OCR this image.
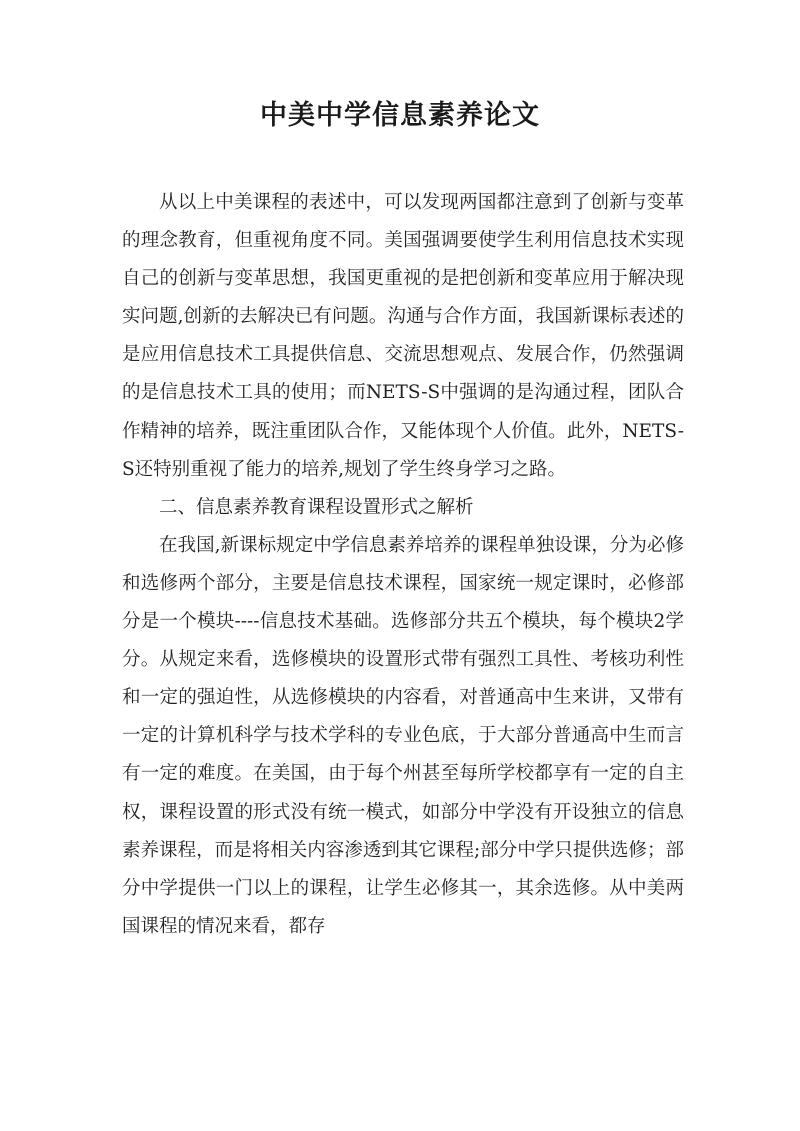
中美中学信息素养论文

从以上中美课程的表述中，可以发现两国都注意到了创新与变革的理念教育，但重视角度不同。美国强调要使学生利用信息技术实现自己的创新与变革思想，我国更重视的是把创新和变革应用于解决现实问题,创新的去解决已有问题。沟通与合作方面，我国新课标表述的是应用信息技术工具提供信息、交流思想观点、发展合作，仍然强调的是信息技术工具的使用；而NETS-S中强调的是沟通过程，团队合作精神的培养，既注重团队合作，又能体现个人价值。此外，NETS-S还特别重视了能力的培养,规划了学生终身学习之路。

二、信息素养教育课程设置形式之解析

在我国,新课标规定中学信息素养培养的课程单独设课，分为必修和选修两个部分，主要是信息技术课程，国家统一规定课时，必修部分是一个模块----信息技术基础。选修部分共五个模块，每个模块2学分。从规定来看，选修模块的设置形式带有强烈工具性、考核功利性和一定的强迫性，从选修模块的内容看，对普通高中生来讲，又带有一定的计算机科学与技术学科的专业色底，于大部分普通高中生而言有一定的难度。在美国，由于每个州甚至每所学校都享有一定的自主权，课程设置的形式没有统一模式，如部分中学没有开设独立的信息素养课程，而是将相关内容渗透到其它课程;部分中学只提供选修；部分中学提供一门以上的课程，让学生必修其一，其余选修。从中美两国课程的情况来看，都存
